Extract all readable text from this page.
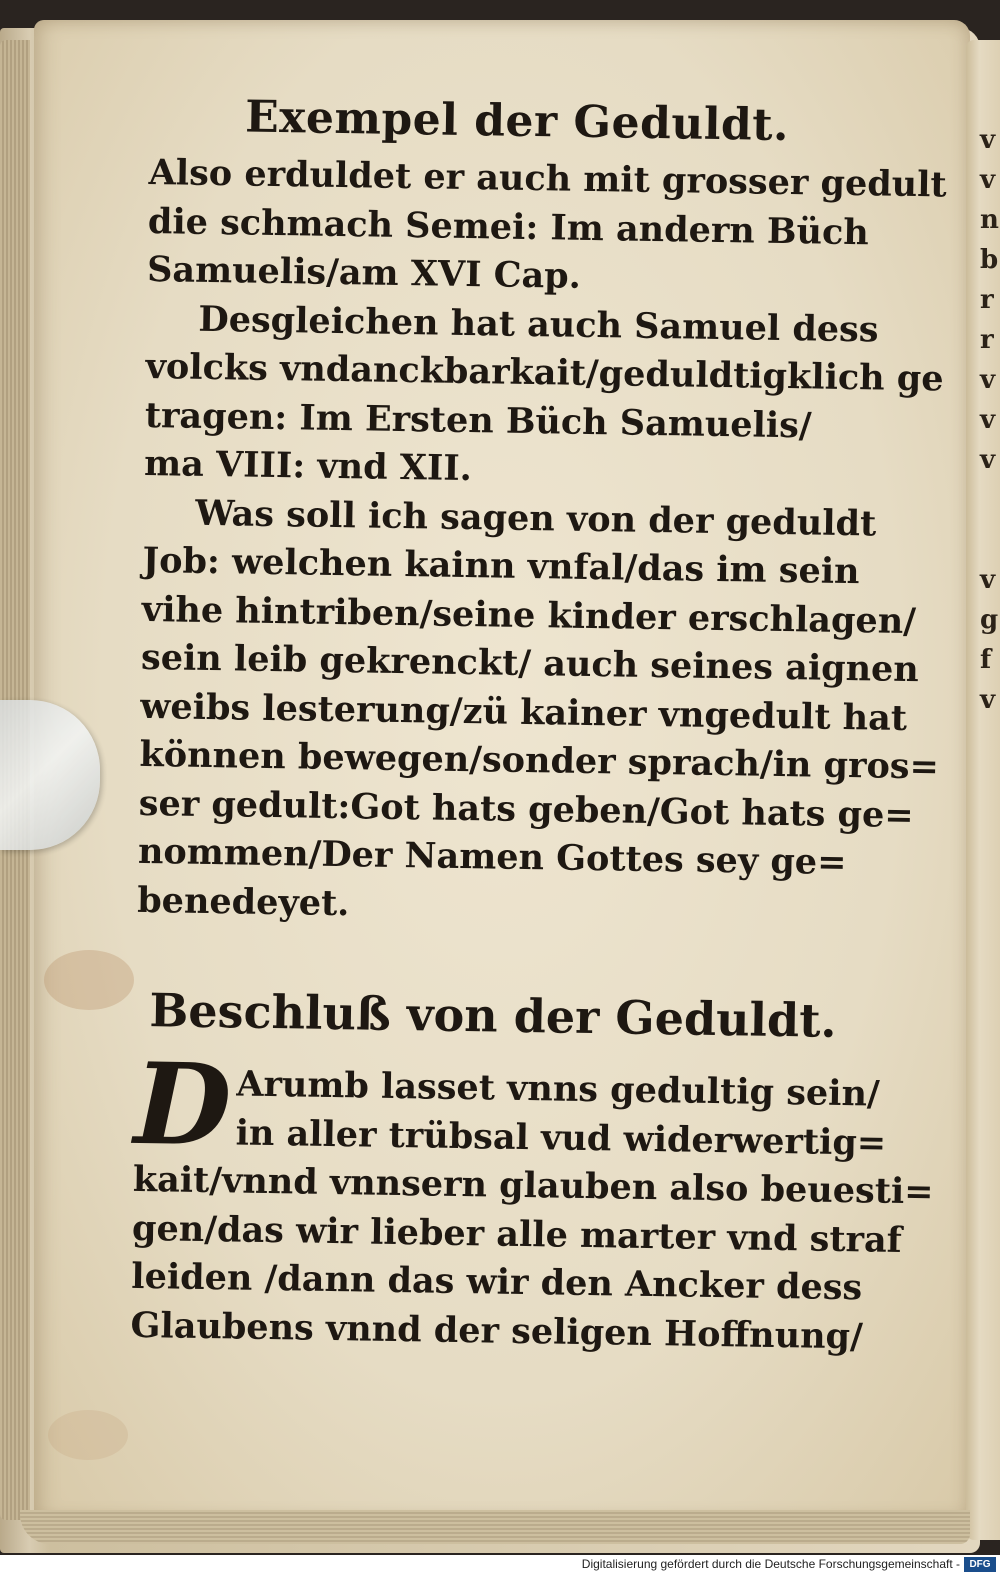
v
v
n
b
r
r
v
v
v

v
g
f
v
Exempel der Geduldt.
Also erduldet er auch mit grosser gedult
die schmach Semei: Im andern Büch
Samuelis/am XVI Cap.
Desgleichen hat auch Samuel dess
volcks vndanckbarkait/geduldtigklich ge
tragen: Im Ersten Büch Samuelis/
ma VIII: vnd XII.
Was soll ich sagen von der geduldt
Job: welchen kainn vnfal/das im sein
vihe hintriben/seine kinder erschlagen/
sein leib gekrenckt/ auch seines aignen
weibs lesterung/zü kainer vngedult hat
können bewegen/sonder sprach/in gros=
ser gedult:Got hats geben/Got hats ge=
nommen/Der Namen Gottes sey ge=
benedeyet.
Beschluß von der Geduldt.
D Arumb lasset vnns gedultig sein/
in aller trübsal vud widerwertig=
kait/vnnd vnnsern glauben also beuesti=
gen/das wir lieber alle marter vnd straf
leiden /dann das wir den Ancker dess
Glaubens vnnd der seligen Hoffnung/
Digitalisierung gefördert durch die Deutsche Forschungsgemeinschaft - DFG
